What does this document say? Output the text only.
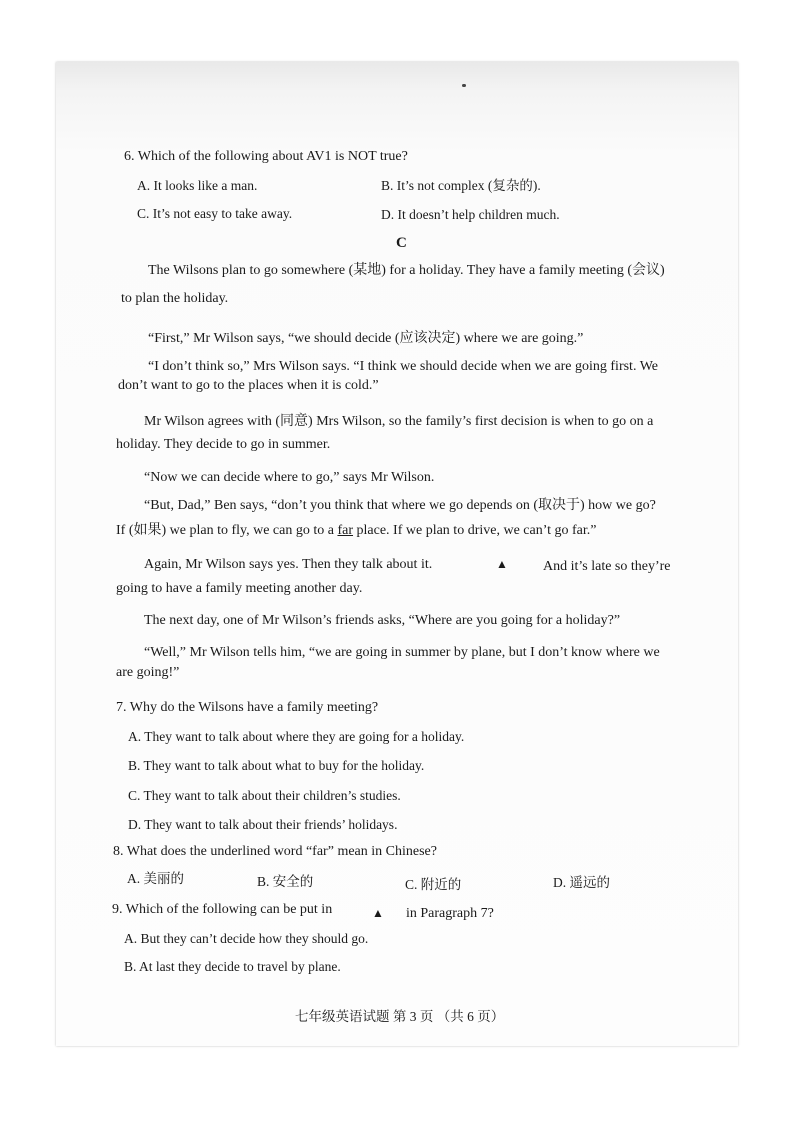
6. Which of the following about AV1 is NOT true?
A. It looks like a man.	B. It’s not complex (复杂的).
C. It’s not easy to take away.	D. It doesn’t help children much.
C
The Wilsons plan to go somewhere (某地) for a holiday. They have a family meeting (会议)
to plan the holiday.
“First,” Mr Wilson says, “we should decide (应该决定) where we are going.”
“I don’t think so,” Mrs Wilson says. “I think we should decide when we are going first. We
don’t want to go to the places when it is cold.”
Mr Wilson agrees with (同意) Mrs Wilson, so the family’s first decision is when to go on a
holiday. They decide to go in summer.
“Now we can decide where to go,” says Mr Wilson.
“But, Dad,” Ben says, “don’t you think that where we go depends on (取决于) how we go?
If (如果) we plan to fly, we can go to a far place. If we plan to drive, we can’t go far.”
Again, Mr Wilson says yes. Then they talk about it.	▲	And it’s late so they’re
going to have a family meeting another day.
The next day, one of Mr Wilson’s friends asks, “Where are you going for a holiday?”
“Well,” Mr Wilson tells him, “we are going in summer by plane, but I don’t know where we
are going!”
7. Why do the Wilsons have a family meeting?
A. They want to talk about where they are going for a holiday.
B. They want to talk about what to buy for the holiday.
C. They want to talk about their children’s studies.
D. They want to talk about their friends’ holidays.
8. What does the underlined word “far” mean in Chinese?
A. 美丽的	B. 安全的	C. 附近的	D. 遥远的
9. Which of the following can be put in	▲ in Paragraph 7?
A. But they can’t decide how they should go.
B. At last they decide to travel by plane.
七年级英语试题 第 3 页 （共 6 页）
